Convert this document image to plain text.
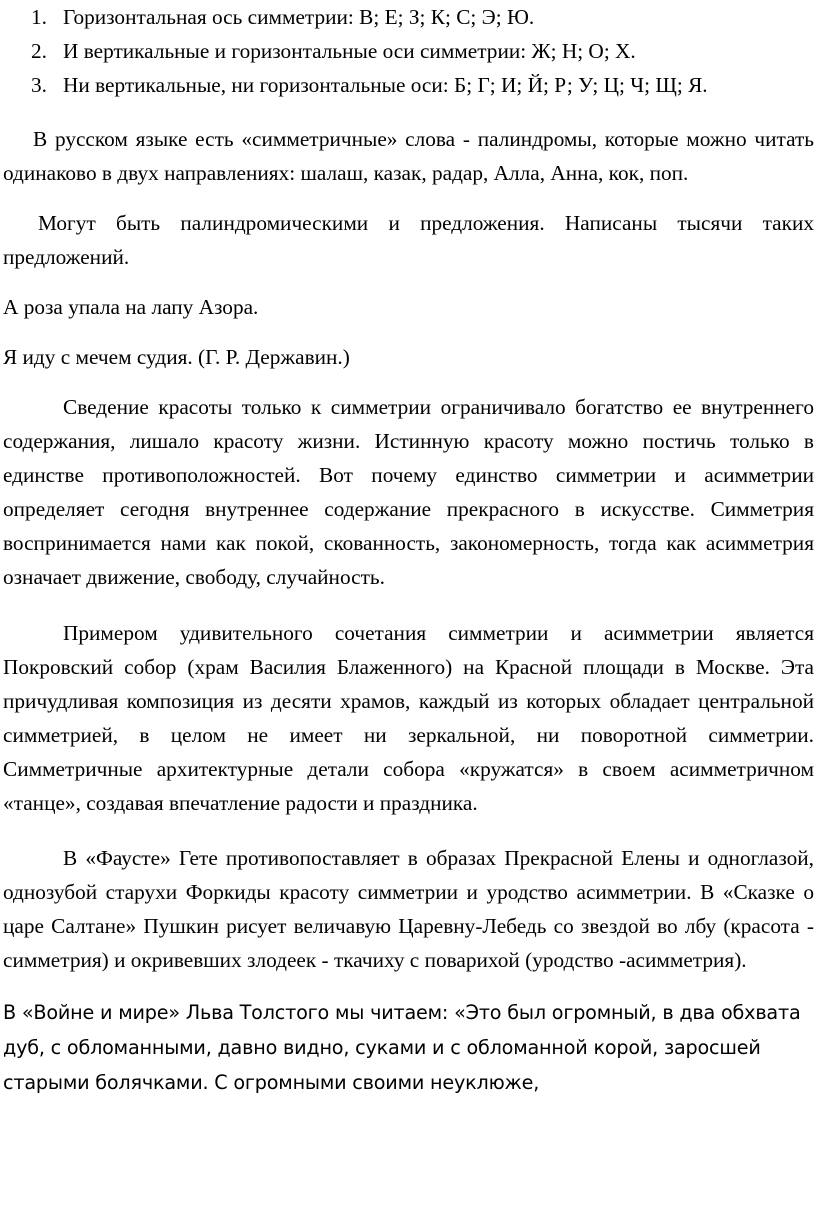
1. Горизонтальная ось симметрии: В; Е; З; К; С; Э; Ю.
2. И вертикальные и горизонтальные оси симметрии: Ж; Н; О; Х.
3. Ни вертикальные, ни горизонтальные оси: Б; Г; И; Й; Р; У; Ц; Ч; Щ; Я.

В русском языке есть «симметричные» слова - палиндромы, которые можно читать одинаково в двух направлениях: шалаш, казак, радар, Алла, Анна, кок, поп.

Могут быть палиндромическими и предложения. Написаны тысячи таких предложений.

А роза упала на лапу Азора.

Я иду с мечем судия. (Г. Р. Державин.)

Сведение красоты только к симметрии ограничивало богатство ее внутреннего содержания, лишало красоту жизни. Истинную красоту можно постичь только в единстве противоположностей. Вот почему единство симметрии и асимметрии определяет сегодня внутреннее содержание прекрасного в искусстве. Симметрия воспринимается нами как покой, скованность, закономерность, тогда как асимметрия означает движение, свободу, случайность.

Примером удивительного сочетания симметрии и асимметрии является Покровский собор (храм Василия Блаженного) на Красной площади в Москве. Эта причудливая композиция из десяти храмов, каждый из которых обладает центральной симметрией, в целом не имеет ни зеркальной, ни поворотной симметрии. Симметричные архитектурные детали собора «кружатся» в своем асимметричном «танце», создавая впечатление радости и праздника.

В «Фаусте» Гете противопоставляет в образах Прекрасной Елены и одноглазой, однозубой старухи Форкиды красоту симметрии и уродство асимметрии. В «Сказке о царе Салтане» Пушкин рисует величавую Царевну-Лебедь со звездой во лбу (красота - симметрия) и окривевших злодеек - ткачиху с поварихой (уродство -асимметрия).

В «Войне и мире» Льва Толстого мы читаем: «Это был огромный, в два обхвата дуб, с обломанными, давно видно, суками и с обломанной корой, заросшей старыми болячками. С огромными своими неуклюже,
